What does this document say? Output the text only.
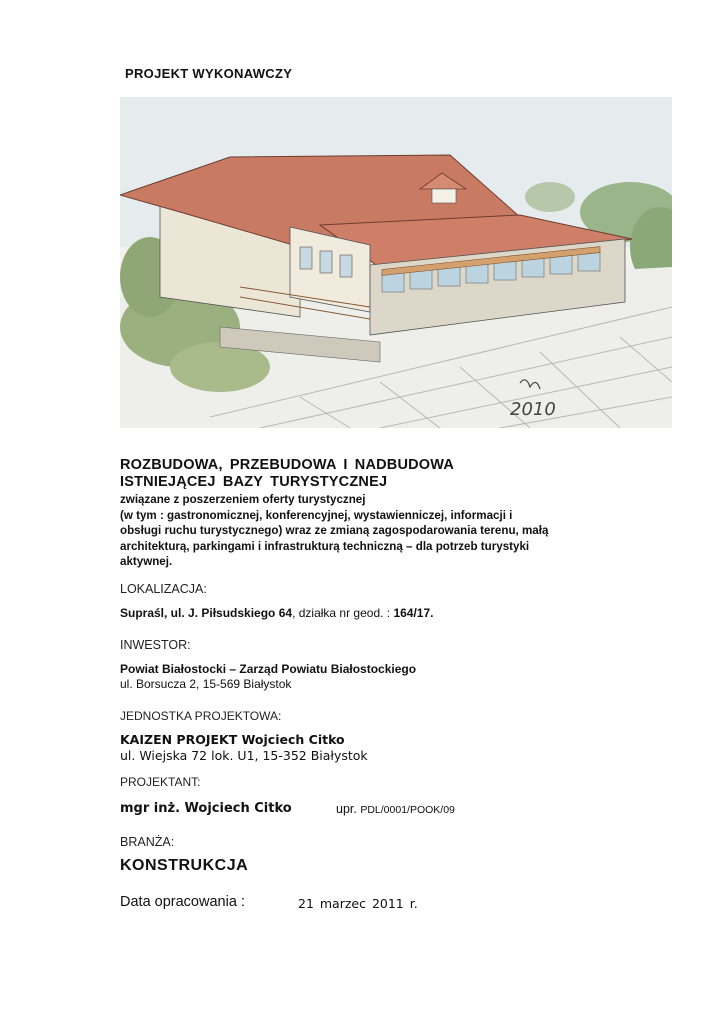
PROJEKT WYKONAWCZY
2010
ROZBUDOWA, PRZEBUDOWA I NADBUDOWA
ISTNIEJĄCEJ BAZY TURYSTYCZNEJ
związane z poszerzeniem oferty turystycznej
(w tym : gastronomicznej, konferencyjnej, wystawienniczej, informacji i
obsługi ruchu turystycznego) wraz ze zmianą zagospodarowania terenu, małą
architekturą, parkingami i infrastrukturą techniczną – dla potrzeb turystyki
aktywnej.
LOKALIZACJA:
Supraśl, ul. J. Piłsudskiego 64, działka nr geod. : 164/17.
INWESTOR:
Powiat Białostocki – Zarząd Powiatu Białostockiego
ul. Borsucza 2, 15-569 Białystok
JEDNOSTKA PROJEKTOWA:
KAIZEN PROJEKT Wojciech Citko
ul. Wiejska 72 lok. U1, 15-352 Białystok
PROJEKTANT:
mgr inż. Wojciech Citko	upr. PDL/0001/POOK/09
BRANŻA:
KONSTRUKCJA
Data opracowania :	21 marzec 2011 r.
